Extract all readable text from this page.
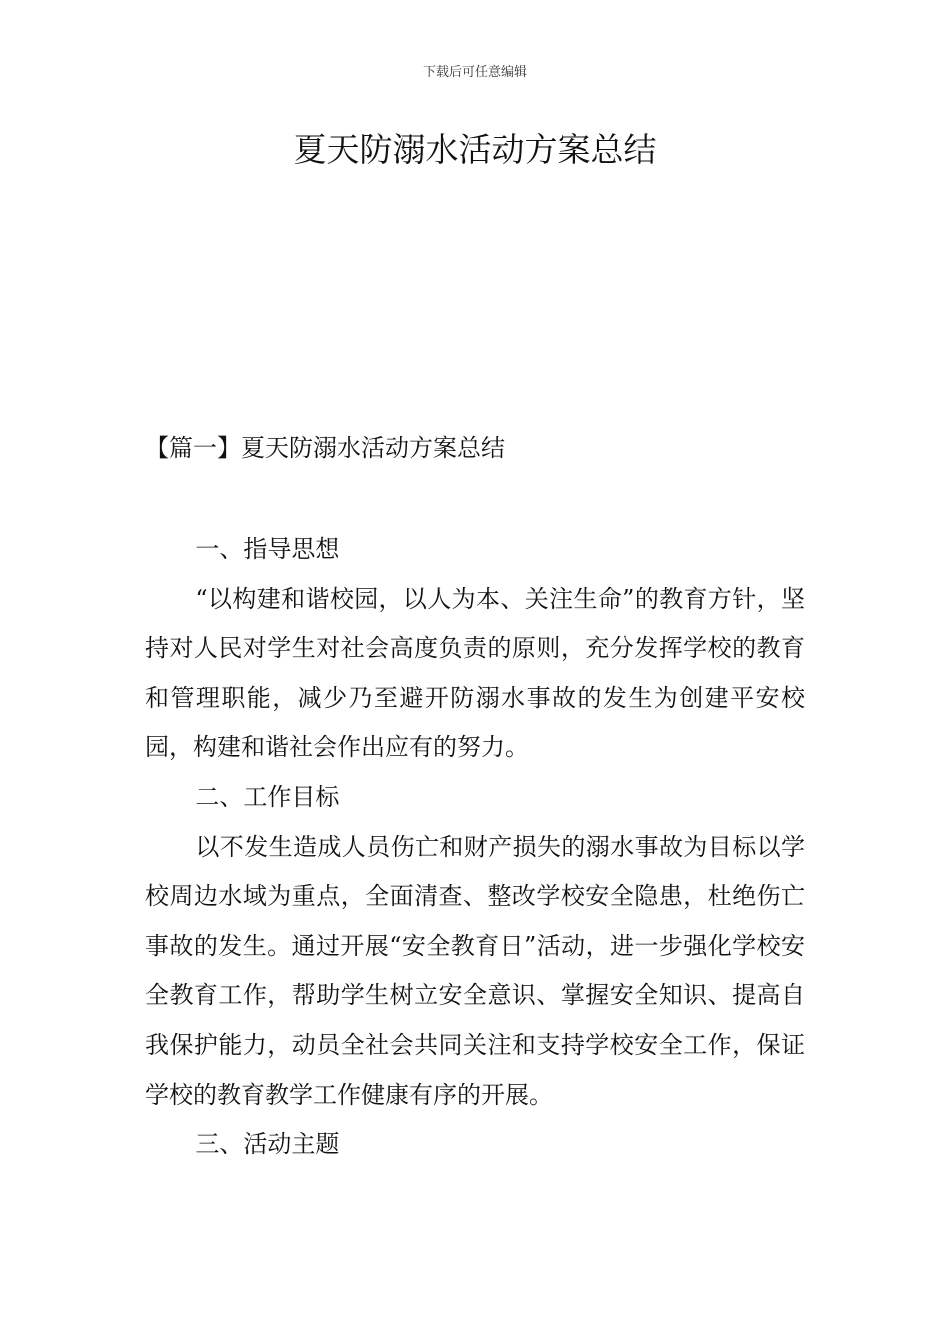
下载后可任意编辑
夏天防溺水活动方案总结
【篇一】夏天防溺水活动方案总结

一、指导思想

“以构建和谐校园，以人为本、关注生命”的教育方针，坚持对人民对学生对社会高度负责的原则，充分发挥学校的教育和管理职能，减少乃至避开防溺水事故的发生为创建平安校园，构建和谐社会作出应有的努力。

二、工作目标

以不发生造成人员伤亡和财产损失的溺水事故为目标以学校周边水域为重点，全面清查、整改学校安全隐患，杜绝伤亡事故的发生。通过开展“安全教育日”活动，进一步强化学校安全教育工作，帮助学生树立安全意识、掌握安全知识、提高自我保护能力，动员全社会共同关注和支持学校安全工作，保证学校的教育教学工作健康有序的开展。

三、活动主题
